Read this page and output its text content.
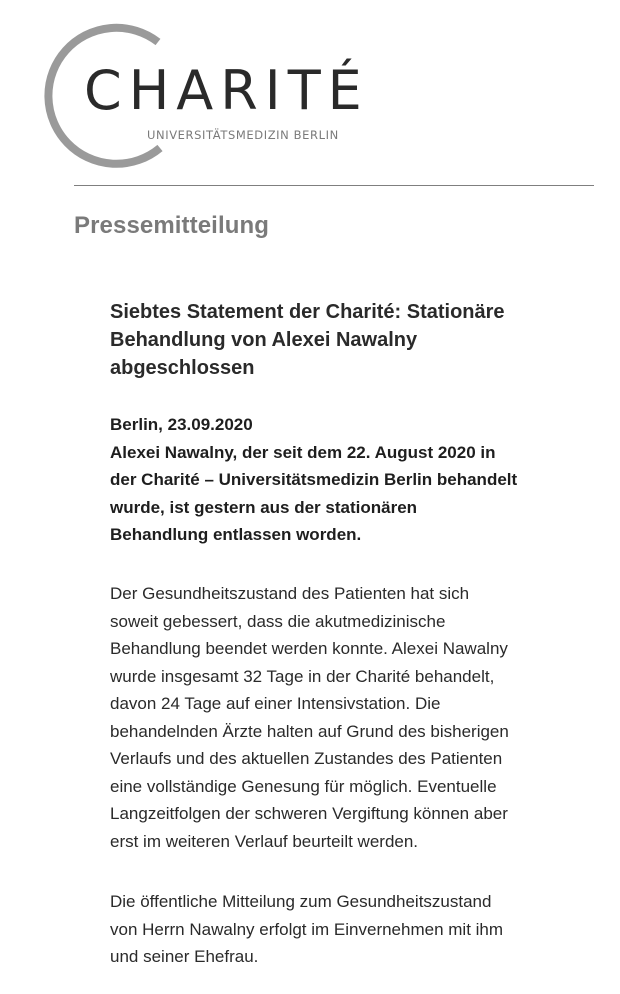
CHARITÉ
UNIVERSITÄTSMEDIZIN BERLIN
Pressemitteilung
Siebtes Statement der Charité: Stationäre
Behandlung von Alexei Nawalny
abgeschlossen
Berlin, 23.09.2020
Alexei Nawalny, der seit dem 22. August 2020 in
der Charité – Universitätsmedizin Berlin behandelt
wurde, ist gestern aus der stationären
Behandlung entlassen worden.
Der Gesundheitszustand des Patienten hat sich
soweit gebessert, dass die akutmedizinische
Behandlung beendet werden konnte. Alexei Nawalny
wurde insgesamt 32 Tage in der Charité behandelt,
davon 24 Tage auf einer Intensivstation. Die
behandelnden Ärzte halten auf Grund des bisherigen
Verlaufs und des aktuellen Zustandes des Patienten
eine vollständige Genesung für möglich. Eventuelle
Langzeitfolgen der schweren Vergiftung können aber
erst im weiteren Verlauf beurteilt werden.
Die öffentliche Mitteilung zum Gesundheitszustand
von Herrn Nawalny erfolgt im Einvernehmen mit ihm
und seiner Ehefrau.
